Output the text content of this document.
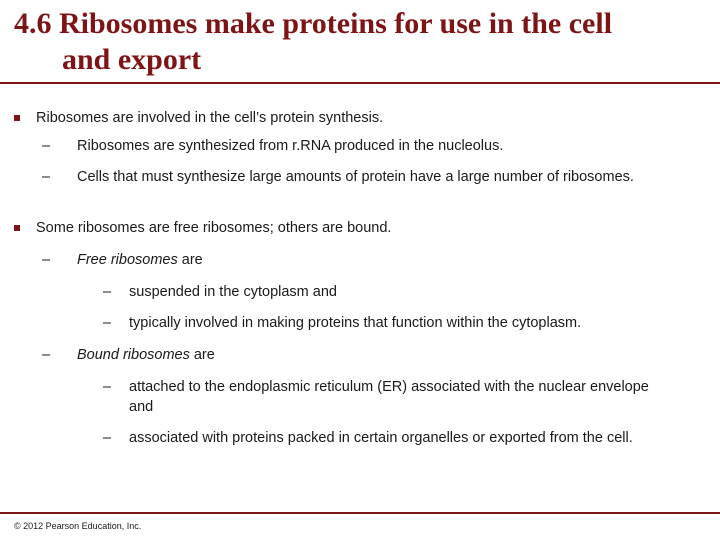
4.6 Ribosomes make proteins for use in the cell
and export
Ribosomes are involved in the cell’s protein synthesis.
– Ribosomes are synthesized from r.RNA produced in the nucleolus.
– Cells that must synthesize large amounts of protein have a large number of ribosomes.
Some ribosomes are free ribosomes; others are bound.
– Free ribosomes are
– suspended in the cytoplasm and
– typically involved in making proteins that function within the cytoplasm.
– Bound ribosomes are
– attached to the endoplasmic reticulum (ER) associated with the nuclear envelope and
– associated with proteins packed in certain organelles or exported from the cell.
© 2012 Pearson Education, Inc.
